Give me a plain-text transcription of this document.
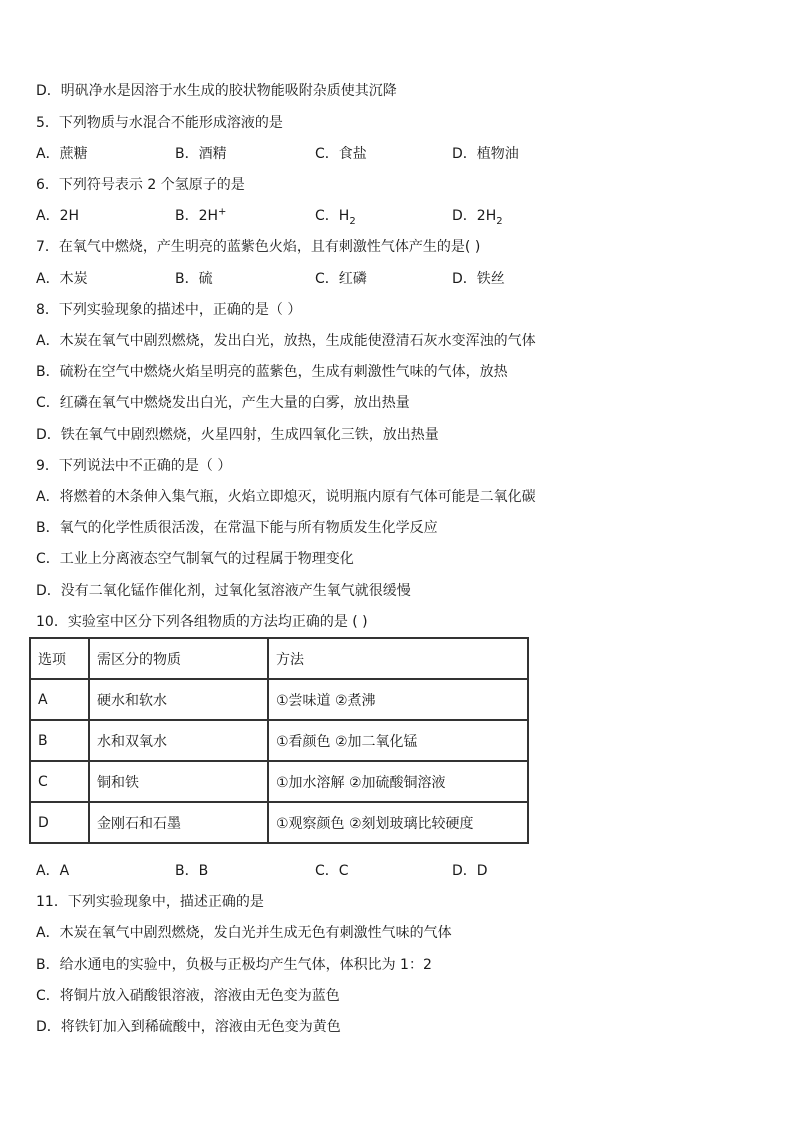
D．明矾净水是因溶于水生成的胶状物能吸附杂质使其沉降
5．下列物质与水混合不能形成溶液的是
A．蔗糖	B．酒精	C．食盐	D．植物油
6．下列符号表示 2 个氢原子的是
A．2H	B．2H+	C．$H_2$	D．$2H_2$
7．在氧气中燃烧，产生明亮的蓝紫色火焰，且有刺激性气体产生的是( )
A．木炭	B．硫	C．红磷	D．铁丝
8．下列实验现象的描述中，正确的是（ ）
A．木炭在氧气中剧烈燃烧，发出白光，放热，生成能使澄清石灰水变浑浊的气体
B．硫粉在空气中燃烧火焰呈明亮的蓝紫色，生成有刺激性气味的气体，放热
C．红磷在氧气中燃烧发出白光，产生大量的白雾，放出热量
D．铁在氧气中剧烈燃烧，火星四射，生成四氧化三铁，放出热量
9．下列说法中不正确的是（ ）
A．将燃着的木条伸入集气瓶，火焰立即熄灭，说明瓶内原有气体可能是二氧化碳
B．氧气的化学性质很活泼，在常温下能与所有物质发生化学反应
C．工业上分离液态空气制氧气的过程属于物理变化
D．没有二氧化锰作催化剂，过氧化氢溶液产生氧气就很缓慢
10．实验室中区分下列各组物质的方法均正确的是 ( )
选项	需区分的物质	方法
A	硬水和软水	①尝味道 ②煮沸
B	水和双氧水	①看颜色 ②加二氧化锰
C	铜和铁	①加水溶解 ②加硫酸铜溶液
D	金刚石和石墨	①观察颜色 ②刻划玻璃比较硬度
A．A	B．B	C．C	D．D
11．下列实验现象中，描述正确的是
A．木炭在氧气中剧烈燃烧，发白光并生成无色有刺激性气味的气体
B．给水通电的实验中，负极与正极均产生气体，体积比为 1：2
C．将铜片放入硝酸银溶液，溶液由无色变为蓝色
D．将铁钉加入到稀硫酸中，溶液由无色变为黄色
